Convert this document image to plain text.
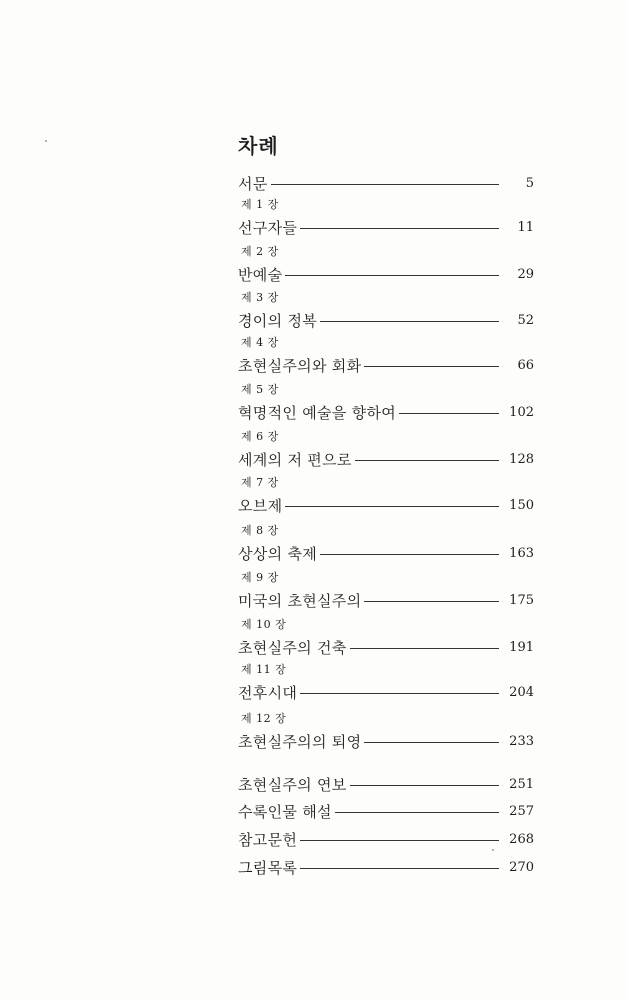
차례
서문	5
제 1 장
선구자들	11
제 2 장
반예술	29
제 3 장
경이의 정복	52
제 4 장
초현실주의와 회화	66
제 5 장
혁명적인 예술을 향하여	102
제 6 장
세계의 저 편으로	128
제 7 장
오브제	150
제 8 장
상상의 축제	163
제 9 장
미국의 초현실주의	175
제 10 장
초현실주의 건축	191
제 11 장
전후시대	204
제 12 장
초현실주의의 퇴영	233
초현실주의 연보	251
수록인물 해설	257
참고문헌	268
그림목록	270
